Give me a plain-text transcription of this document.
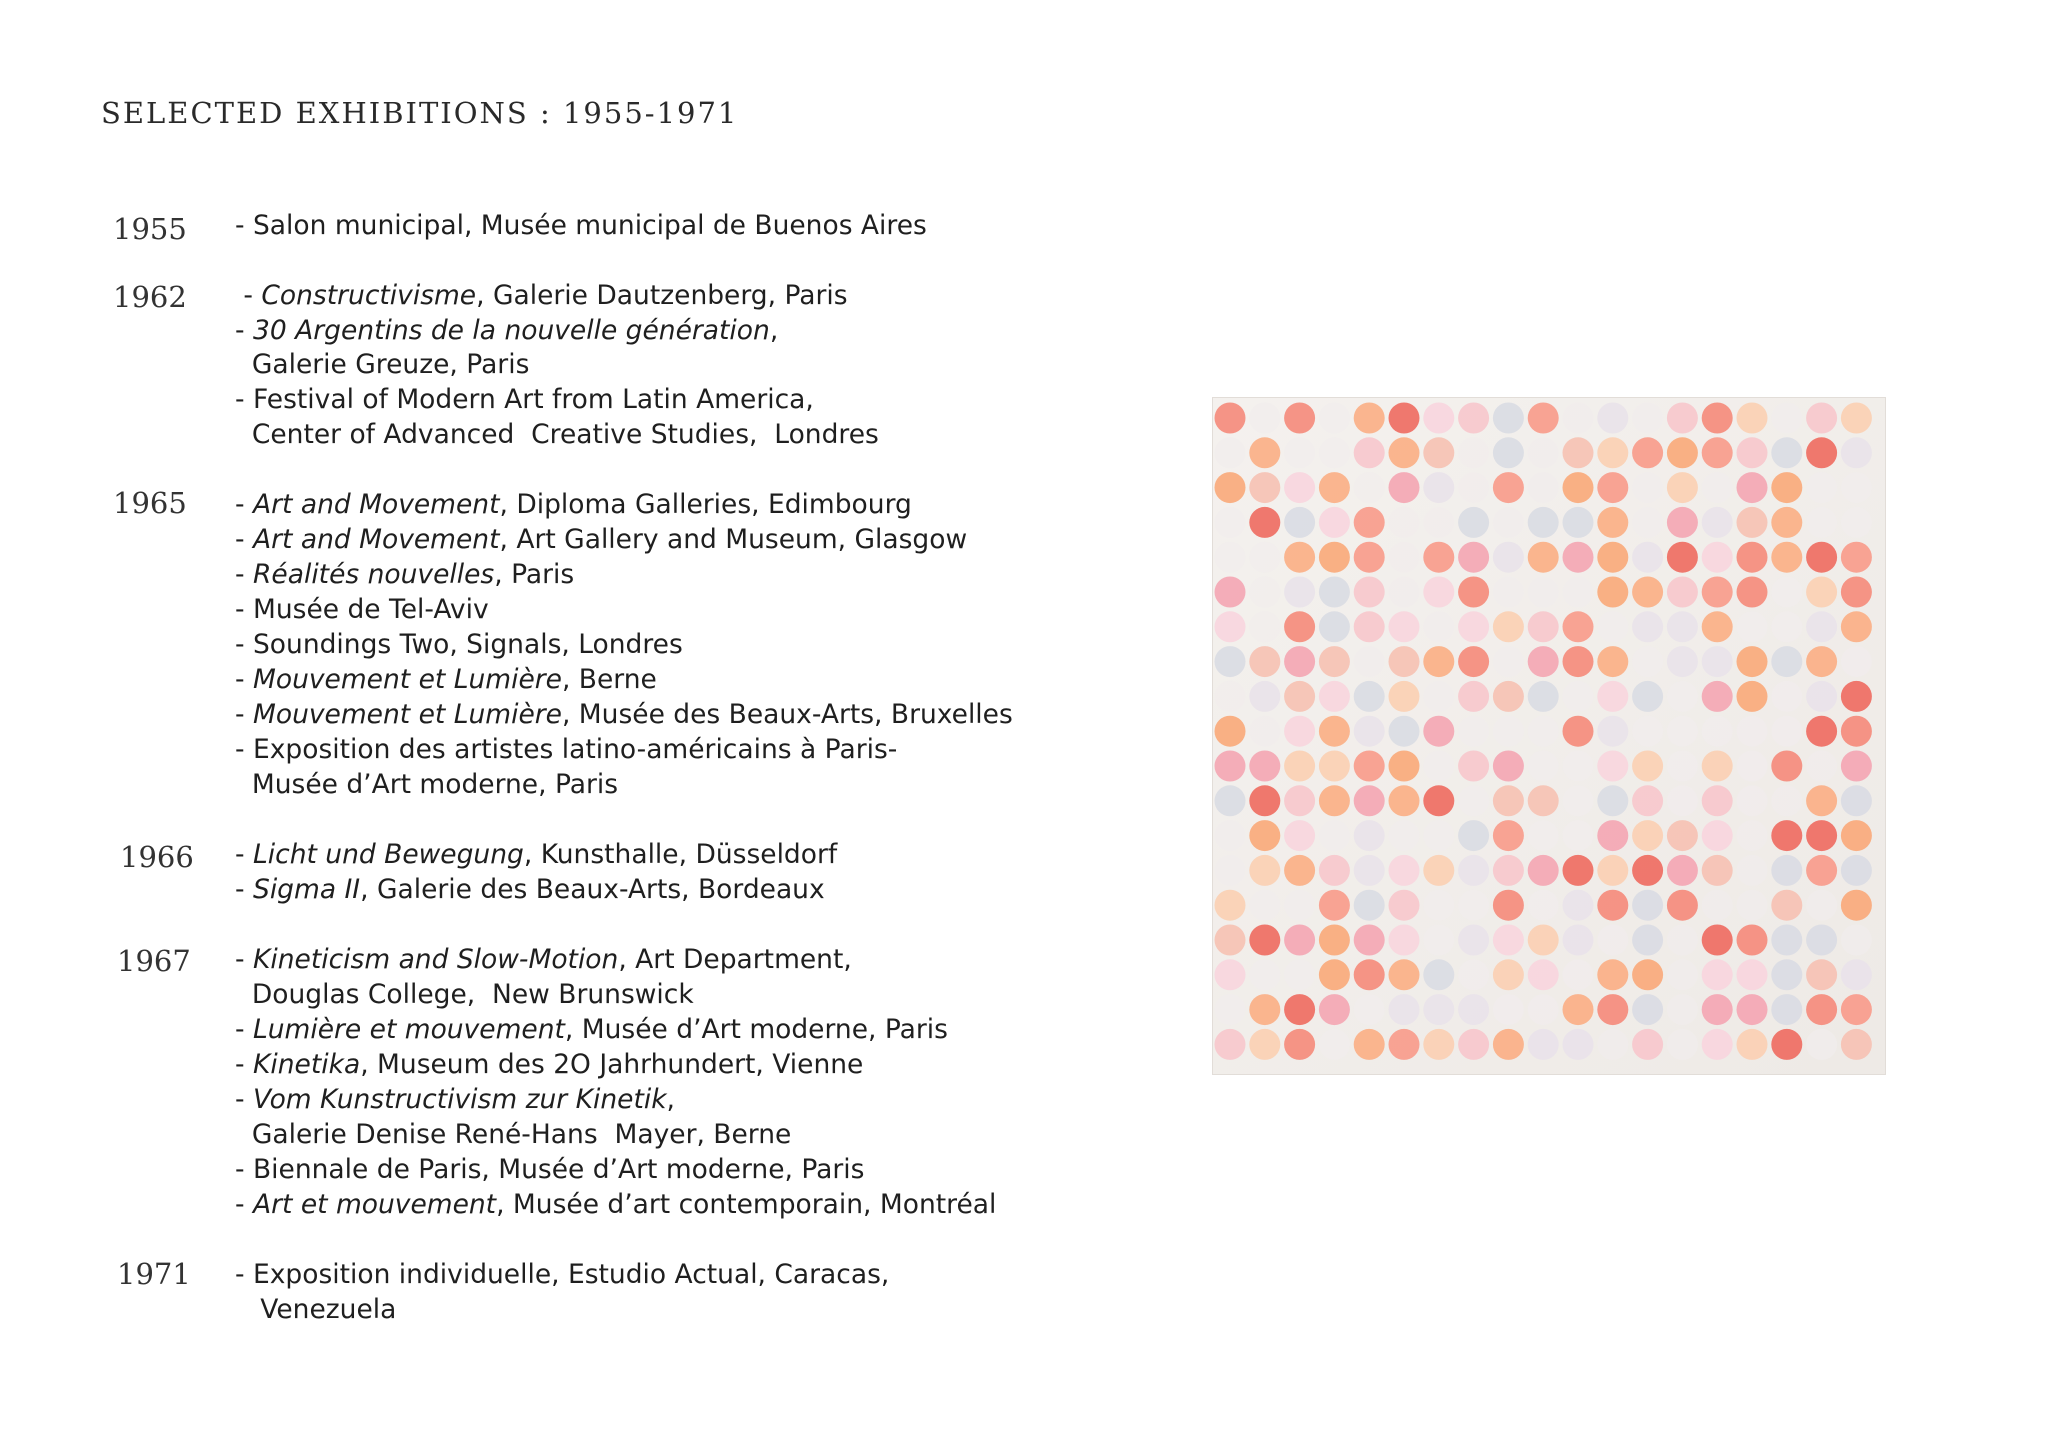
SELECTED EXHIBITIONS : 1955-1971
1955 - Salon municipal, Musée municipal de Buenos Aires
1962 - Constructivisme, Galerie Dautzenberg, Paris
- 30 Argentins de la nouvelle génération,
Galerie Greuze, Paris
- Festival of Modern Art from Latin America,
Center of Advanced  Creative Studies,  Londres
1965 - Art and Movement, Diploma Galleries, Edimbourg
- Art and Movement, Art Gallery and Museum, Glasgow
- Réalités nouvelles, Paris
- Musée de Tel-Aviv
- Soundings Two, Signals, Londres
- Mouvement et Lumière, Berne
- Mouvement et Lumière, Musée des Beaux-Arts, Bruxelles
- Exposition des artistes latino-américains à Paris-
Musée d’Art moderne, Paris
1966 - Licht und Bewegung, Kunsthalle, Düsseldorf
- Sigma II, Galerie des Beaux-Arts, Bordeaux
1967 - Kineticism and Slow-Motion, Art Department,
Douglas College,  New Brunswick
- Lumière et mouvement, Musée d’Art moderne, Paris
- Kinetika, Museum des 2O Jahrhundert, Vienne
- Vom Kunstructivism zur Kinetik,
Galerie Denise René-Hans  Mayer, Berne
- Biennale de Paris, Musée d’Art moderne, Paris
- Art et mouvement, Musée d’art contemporain, Montréal
1971 - Exposition individuelle, Estudio Actual, Caracas,
Venezuela
